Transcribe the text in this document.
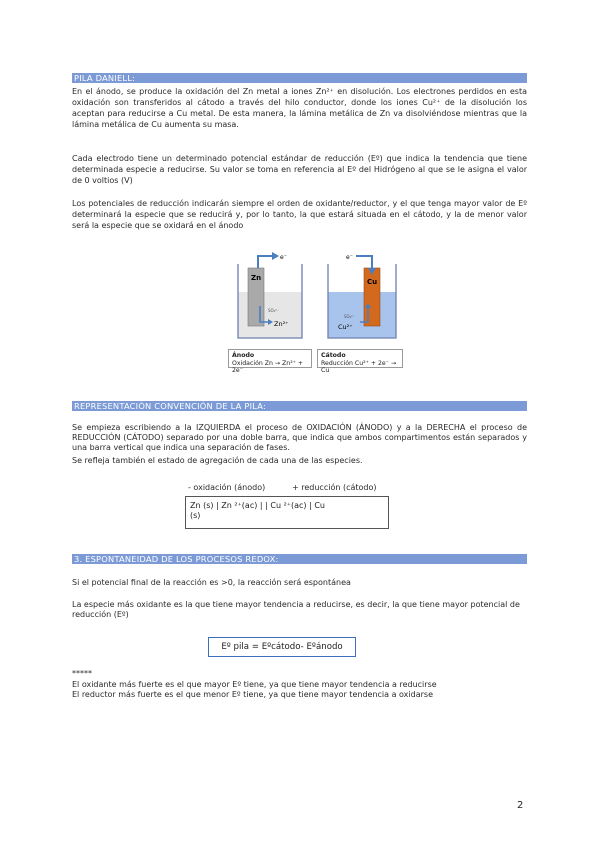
PILA DANIELL:
En el ánodo, se produce la oxidación del Zn metal a iones Zn²⁺ en disolución. Los electrones perdidos en esta oxidación son transferidos al cátodo a través del hilo conductor, donde los iones Cu²⁺ de la disolución los aceptan para reducirse a Cu metal. De esta manera, la lámina metálica de Zn va disolviéndose mientras que la lámina metálica de Cu aumenta su masa.
Cada electrodo tiene un determinado potencial estándar de reducción (Eº) que indica la tendencia que tiene determinada especie a reducirse. Su valor se toma en referencia al Eº del Hidrógeno al que se le asigna el valor de 0 voltios (V)
Los potenciales de reducción indicarán siempre el orden de oxidante/reductor, y el que tenga mayor valor de Eº determinará la especie que se reducirá y, por lo tanto, la que estará situada en el cátodo, y la de menor valor será la especie que se oxidará en el ánodo
e⁻	e⁻
Zn	Cu
SO₄²⁻
SO₄²⁻
Zn²⁺	Cu²⁺
Ánodo
Oxidación Zn → Zn²⁺ + 2e⁻
Cátodo
Reducción Cu²⁺ + 2e⁻ → Cu
REPRESENTACIÓN CONVENCIÓN DE LA PILA:
Se empieza escribiendo a la IZQUIERDA el proceso de OXIDACIÓN (ÁNODO) y a la DERECHA el proceso de REDUCCIÓN (CÁTODO) separado por una doble barra, que indica que ambos compartimentos están separados y una barra vertical que indica una separación de fases.
Se refleja también el estado de agregación de cada una de las especies.
- oxidación (ánodo)	+ reducción (cátodo)
Zn (s) | Zn ²⁺(ac) | | Cu ²⁺(ac) | Cu
(s)
3. ESPONTANEIDAD DE LOS PROCESOS REDOX:
Si el potencial final de la reacción es >0, la reacción será espontánea
La especie más oxidante es la que tiene mayor tendencia a reducirse, es decir, la que tiene mayor potencial de reducción (Eº)
Eº pila = Eºcátodo- Eºánodo
*****
El oxidante más fuerte es el que mayor Eº tiene, ya que tiene mayor tendencia a reducirse
El reductor más fuerte es el que menor Eº tiene, ya que tiene mayor tendencia a oxidarse
2
